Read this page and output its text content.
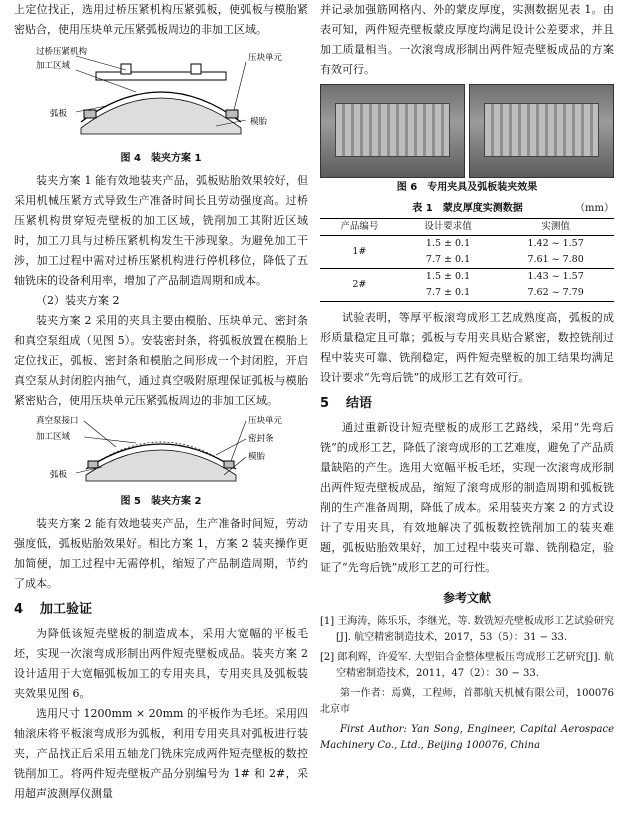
上定位找正，选用过桥压紧机构压紧弧板，使弧板与模胎紧密贴合，使用压块单元压紧弧板周边的非加工区域。

过桥压紧机构
加工区域
压块单元
弧板
模胎
图 4　装夹方案 1

装夹方案 1 能有效地装夹产品，弧板贴胎效果较好，但采用机械压紧方式导致生产准备时间长且劳动强度高。过桥压紧机构贯穿短壳壁板的加工区域，铣削加工其附近区域时，加工刀具与过桥压紧机构发生干涉现象。为避免加工干涉，加工过程中需对过桥压紧机构进行停机移位，降低了五轴铣床的设备利用率，增加了产品制造周期和成本。

（2）装夹方案 2

装夹方案 2 采用的夹具主要由模胎、压块单元、密封条和真空泵组成（见图 5）。安装密封条，将弧板放置在模胎上定位找正，弧板、密封条和模胎之间形成一个封闭腔，开启真空泵从封闭腔内抽气，通过真空吸附原理保证弧板与模胎紧密贴合，使用压块单元压紧弧板周边的非加工区域。

真空泵接口
加工区域
压块单元
密封条
模胎
弧板
图 5　装夹方案 2

装夹方案 2 能有效地装夹产品，生产准备时间短，劳动强度低，弧板贴胎效果好。相比方案 1，方案 2 装夹操作更加简便，加工过程中无需停机，缩短了产品制造周期，节约了成本。

4 加工验证

为降低该短壳壁板的制造成本，采用大宽幅的平板毛坯，实现一次滚弯成形制出两件短壳壁板成品。装夹方案 2 设计适用于大宽幅弧板加工的专用夹具，专用夹具及弧板装夹效果见图 6。

选用尺寸 1200mm × 20mm 的平板作为毛坯。采用四轴滚床将平板滚弯成形为弧板，利用专用夹具对弧板进行装夹，产品找正后采用五轴龙门铣床完成两件短壳壁板的数控铣削加工。将两件短壳壁板产品分别编号为 1# 和 2#，采用超声波测厚仪测量

并记录加强筋网格内、外的蒙皮厚度，实测数据见表 1。由表可知，两件短壳壁板蒙皮厚度均满足设计公差要求，并且加工质量相当。一次滚弯成形制出两件短壳壁板成品的方案有效可行。

图 6　专用夹具及弧板装夹效果
表 1　蒙皮厚度实测数据	（mm）
产品编号	设计要求值	实测值
1#	1.5 ± 0.1	1.42 ~ 1.57
	7.7 ± 0.1	7.61 ~ 7.80
2#	1.5 ± 0.1	1.43 ~ 1.57
	7.7 ± 0.1	7.62 ~ 7.79

试验表明，等厚平板滚弯成形工艺成熟度高，弧板的成形质量稳定且可靠；弧板与专用夹具贴合紧密，数控铣削过程中装夹可靠、铣削稳定，两件短壳壁板的加工结果均满足设计要求“先弯后铣”的成形工艺有效可行。

5 结语

通过重新设计短壳壁板的成形工艺路线，采用“先弯后铣”的成形工艺，降低了滚弯成形的工艺难度，避免了产品质量缺陷的产生。选用大宽幅平板毛坯，实现一次滚弯成形制出两件短壳壁板成品，缩短了滚弯成形的制造周期和弧板铣削的生产准备周期，降低了成本。采用装夹方案 2 的方式设计了专用夹具，有效地解决了弧板数控铣削加工的装夹难题，弧板贴胎效果好，加工过程中装夹可靠、铣削稳定，验证了“先弯后铣”成形工艺的可行性。

参考文献

[1] 王海涛，陈乐乐，李继光，等. 数铣短壳壁板成形工艺试验研究[J]. 航空精密制造技术，2017，53（5）：31 − 33.

[2] 郎利辉，许爱军. 大型铝合金整体壁板压弯成形工艺研究[J]. 航空精密制造技术，2011，47（2）：30 − 33.

第一作者：焉冀，工程师，首都航天机械有限公司，100076 北京市

First Author: Yan Song, Engineer, Capital Aerospace Machinery Co., Ltd., Beijing 100076, China
